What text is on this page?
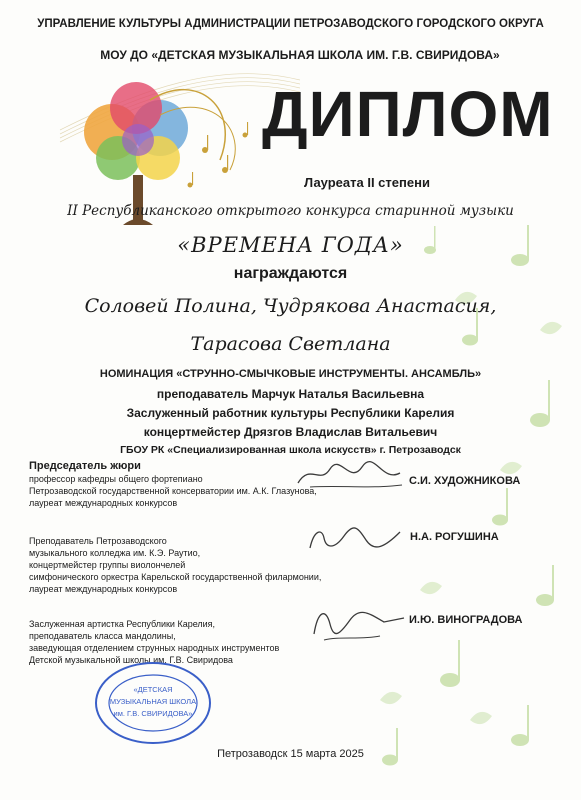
УПРАВЛЕНИЕ КУЛЬТУРЫ АДМИНИСТРАЦИИ ПЕТРОЗАВОДСКОГО ГОРОДСКОГО ОКРУГА
МОУ ДО «ДЕТСКАЯ МУЗЫКАЛЬНАЯ ШКОЛА ИМ. Г.В. СВИРИДОВА»
ДИПЛОМ
Лауреата II степени
II Республиканского открытого конкурса старинной музыки
«ВРЕМЕНА ГОДА»
награждаются
Соловей Полина, Чудрякова Анастасия,
Тарасова Светлана
НОМИНАЦИЯ «СТРУННО-СМЫЧКОВЫЕ ИНСТРУМЕНТЫ. АНСАМБЛЬ»
преподаватель Марчук Наталья Васильевна
Заслуженный работник культуры Республики Карелия
концертмейстер Дрязгов Владислав Витальевич
ГБОУ РК «Специализированная школа искусств» г. Петрозаводск
Председатель жюри
профессор кафедры общего фортепиано
Петрозаводской государственной консерватории им. А.К. Глазунова,
лауреат международных конкурсов
С.И. ХУДОЖНИКОВА
Преподаватель Петрозаводского
музыкального колледжа им. К.Э. Раутио,
концертмейстер группы виолончелей
симфонического оркестра Карельской государственной филармонии,
лауреат международных конкурсов
Н.А. РОГУШИНА
Заслуженная артистка Республики Карелия,
преподаватель класса мандолины,
заведующая отделением струнных народных инструментов
Детской музыкальной школы им. Г.В. Свиридова
И.Ю. ВИНОГРАДОВА
«ДЕТСКАЯ
МУЗЫКАЛЬНАЯ ШКОЛА
им. Г.В. СВИРИДОВА»
Петрозаводск 15 марта 2025
